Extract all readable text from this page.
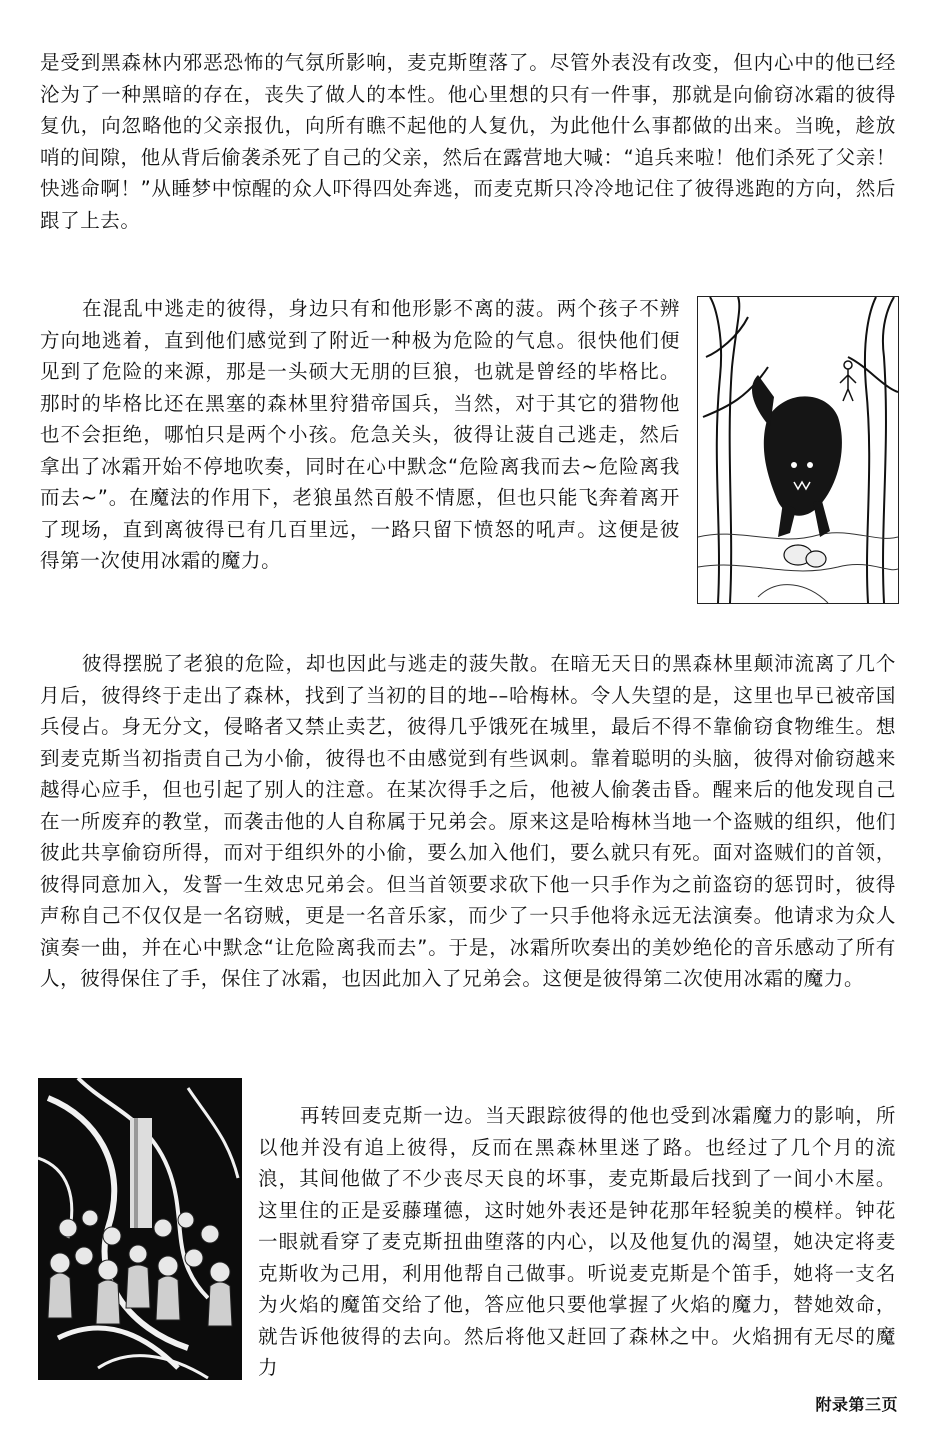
是受到黑森林内邪恶恐怖的气氛所影响，麦克斯堕落了。尽管外表没有改变，但内心中的他已经沦为了一种黑暗的存在，丧失了做人的本性。他心里想的只有一件事，那就是向偷窃冰霜的彼得复仇，向忽略他的父亲报仇，向所有瞧不起他的人复仇，为此他什么事都做的出来。当晚，趁放哨的间隙，他从背后偷袭杀死了自己的父亲，然后在露营地大喊：“追兵来啦！他们杀死了父亲！快逃命啊！”从睡梦中惊醒的众人吓得四处奔逃，而麦克斯只冷冷地记住了彼得逃跑的方向，然后跟了上去。

在混乱中逃走的彼得，身边只有和他形影不离的菠。两个孩子不辨方向地逃着，直到他们感觉到了附近一种极为危险的气息。很快他们便见到了危险的来源，那是一头硕大无朋的巨狼，也就是曾经的毕格比。那时的毕格比还在黑塞的森林里狩猎帝国兵，当然，对于其它的猎物他也不会拒绝，哪怕只是两个小孩。危急关头，彼得让菠自己逃走，然后拿出了冰霜开始不停地吹奏，同时在心中默念“危险离我而去~危险离我而去~”。在魔法的作用下，老狼虽然百般不情愿，但也只能飞奔着离开了现场，直到离彼得已有几百里远，一路只留下愤怒的吼声。这便是彼得第一次使用冰霜的魔力。

彼得摆脱了老狼的危险，却也因此与逃走的菠失散。在暗无天日的黑森林里颠沛流离了几个月后，彼得终于走出了森林，找到了当初的目的地––哈梅林。令人失望的是，这里也早已被帝国兵侵占。身无分文，侵略者又禁止卖艺，彼得几乎饿死在城里，最后不得不靠偷窃食物维生。想到麦克斯当初指责自己为小偷，彼得也不由感觉到有些讽刺。靠着聪明的头脑，彼得对偷窃越来越得心应手，但也引起了别人的注意。在某次得手之后，他被人偷袭击昏。醒来后的他发现自己在一所废弃的教堂，而袭击他的人自称属于兄弟会。原来这是哈梅林当地一个盗贼的组织，他们彼此共享偷窃所得，而对于组织外的小偷，要么加入他们，要么就只有死。面对盗贼们的首领，彼得同意加入，发誓一生效忠兄弟会。但当首领要求砍下他一只手作为之前盗窃的惩罚时，彼得声称自己不仅仅是一名窃贼，更是一名音乐家，而少了一只手他将永远无法演奏。他请求为众人演奏一曲，并在心中默念“让危险离我而去”。于是，冰霜所吹奏出的美妙绝伦的音乐感动了所有人，彼得保住了手，保住了冰霜，也因此加入了兄弟会。这便是彼得第二次使用冰霜的魔力。

再转回麦克斯一边。当天跟踪彼得的他也受到冰霜魔力的影响，所以他并没有追上彼得，反而在黑森林里迷了路。也经过了几个月的流浪，其间他做了不少丧尽天良的坏事，麦克斯最后找到了一间小木屋。这里住的正是妥藤瑾德，这时她外表还是钟花那年轻貌美的模样。钟花一眼就看穿了麦克斯扭曲堕落的内心，以及他复仇的渴望，她决定将麦克斯收为己用，利用他帮自己做事。听说麦克斯是个笛手，她将一支名为火焰的魔笛交给了他，答应他只要他掌握了火焰的魔力，替她效命，就告诉他彼得的去向。然后将他又赶回了森林之中。火焰拥有无尽的魔力

附录第三页
